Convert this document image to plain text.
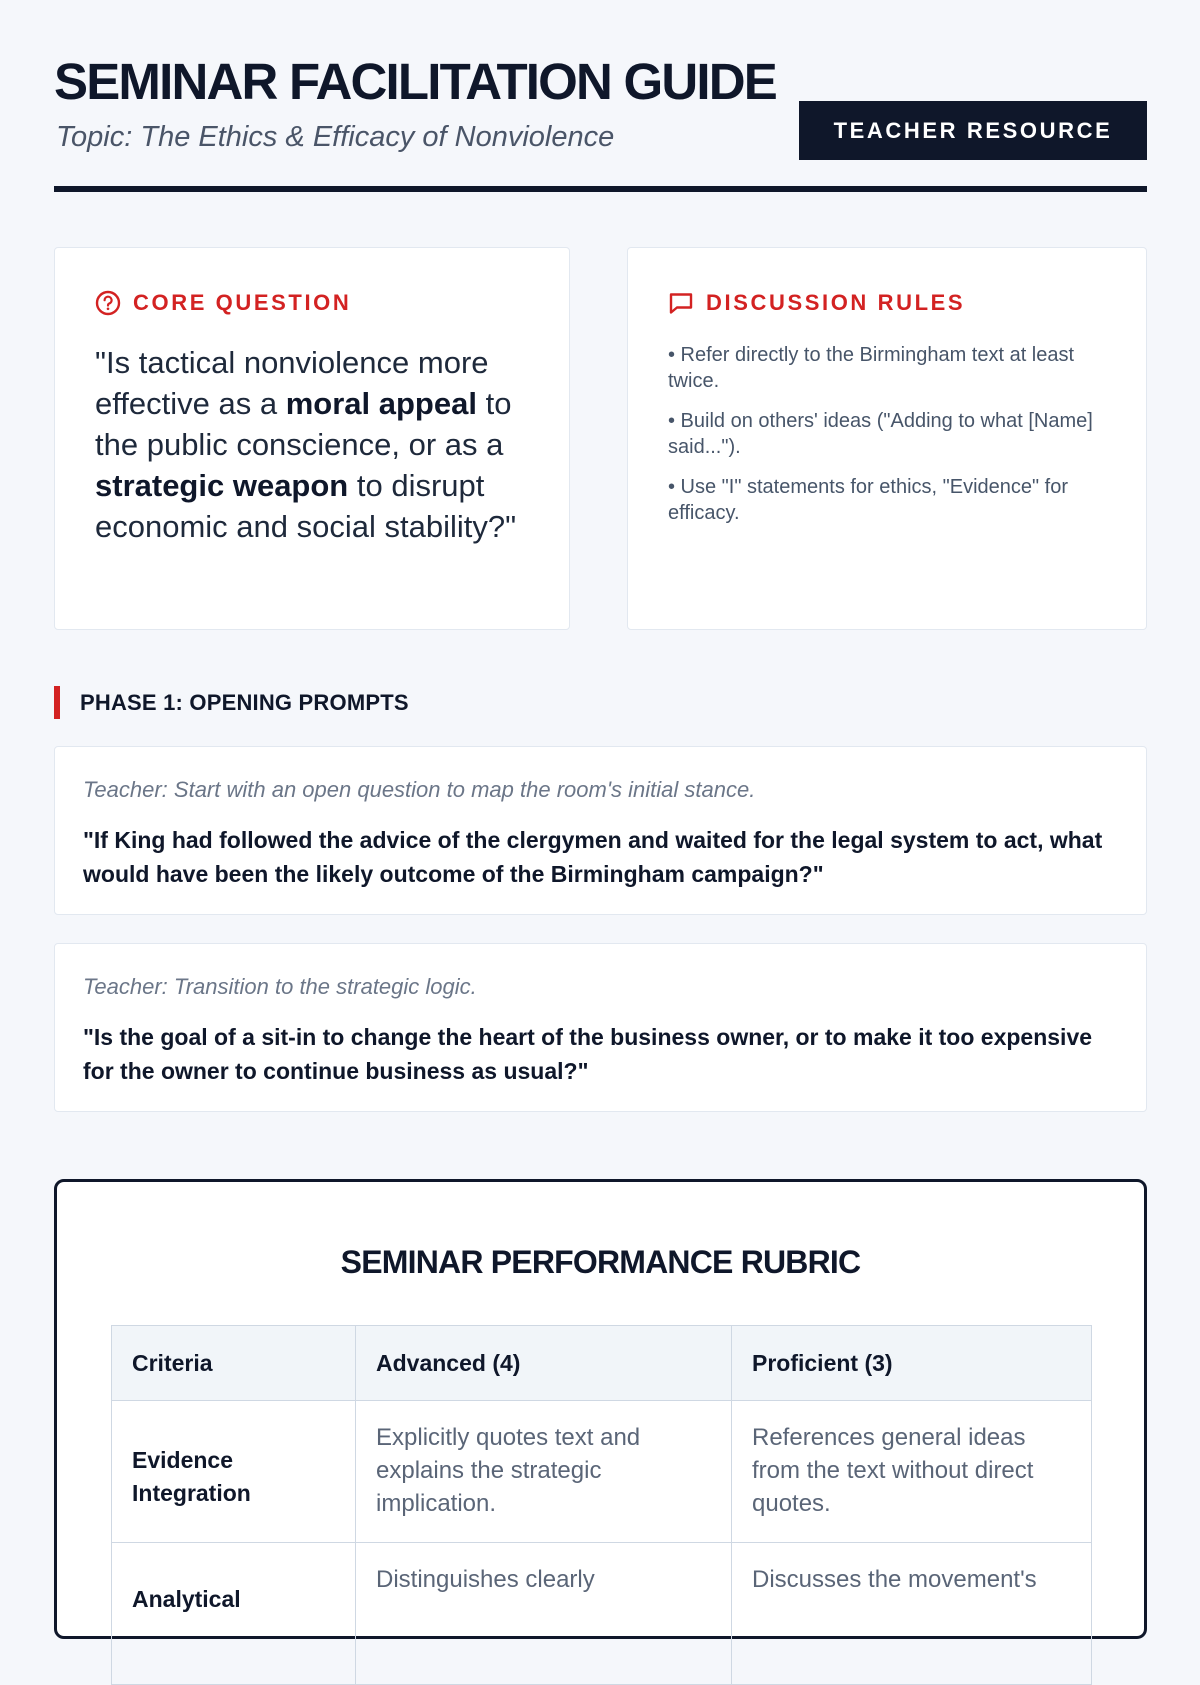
SEMINAR FACILITATION GUIDE
Topic: The Ethics & Efficacy of Nonviolence	TEACHER RESOURCE
CORE QUESTION
"Is tactical nonviolence more effective as a moral appeal to the public conscience, or as a strategic weapon to disrupt economic and social stability?"
DISCUSSION RULES
• Refer directly to the Birmingham text at least twice.
• Build on others' ideas ("Adding to what [Name] said...").
• Use "I" statements for ethics, "Evidence" for efficacy.
PHASE 1: OPENING PROMPTS
Teacher: Start with an open question to map the room's initial stance.
"If King had followed the advice of the clergymen and waited for the legal system to act, what would have been the likely outcome of the Birmingham campaign?"
Teacher: Transition to the strategic logic.
"Is the goal of a sit-in to change the heart of the business owner, or to make it too expensive for the owner to continue business as usual?"
SEMINAR PERFORMANCE RUBRIC
Criteria	Advanced (4)	Proficient (3)
Evidence Integration	Explicitly quotes text and explains the strategic implication.	References general ideas from the text without direct quotes.
Analytical	Distinguishes clearly	Discusses the movement's
